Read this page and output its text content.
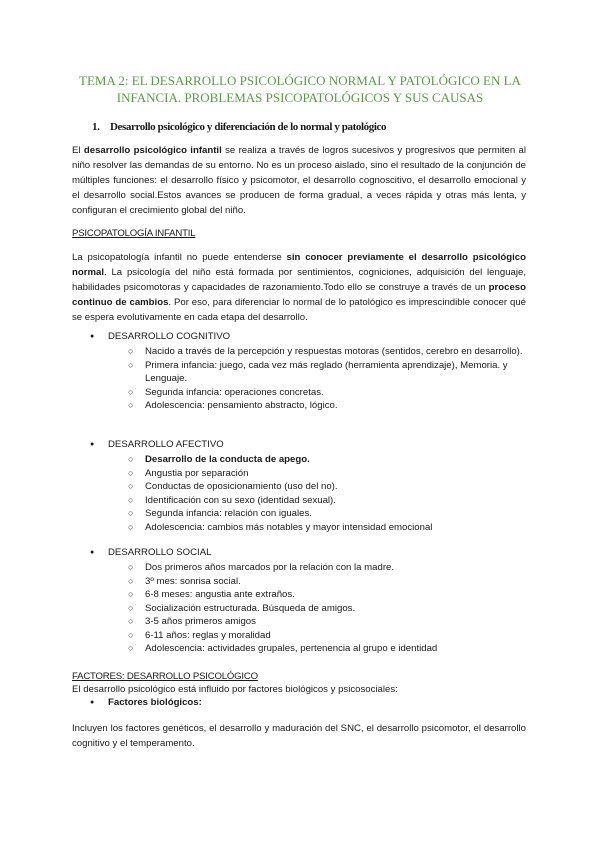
TEMA 2: EL DESARROLLO PSICOLÓGICO NORMAL Y PATOLÓGICO EN LA
INFANCIA. PROBLEMAS PSICOPATOLÓGICOS Y SUS CAUSAS
1. Desarrollo psicológico y diferenciación de lo normal y patológico
El desarrollo psicológico infantil se realiza a través de logros sucesivos y progresivos que permiten al niño resolver las demandas de su entorno. No es un proceso aislado, sino el resultado de la conjunción de múltiples funciones: el desarrollo físico y psicomotor, el desarrollo cognoscitivo, el desarrollo emocional y el desarrollo social.Estos avances se producen de forma gradual, a veces rápida y otras más lenta, y configuran el crecimiento global del niño.
PSICOPATOLOGÍA INFANTIL
La psicopatología infantil no puede entenderse sin conocer previamente el desarrollo psicológico normal. La psicología del niño está formada por sentimientos, cogniciones, adquisición del lenguaje, habilidades psicomotoras y capacidades de razonamiento.Todo ello se construye a través de un proceso continuo de cambios. Por eso, para diferenciar lo normal de lo patológico es imprescindible conocer qué se espera evolutivamente en cada etapa del desarrollo.
● DESARROLLO COGNITIVO
○ Nacido a través de la percepción y respuestas motoras (sentidos, cerebro en desarrollo).
○ Primera infancia: juego, cada vez más reglado (herramienta aprendizaje), Memoria. y Lenguaje.
○ Segunda infancia: operaciones concretas.
○ Adolescencia: pensamiento abstracto, lógico.
● DESARROLLO AFECTIVO
○ Desarrollo de la conducta de apego.
○ Angustia por separación
○ Conductas de oposicionamiento (uso del no).
○ Identificación con su sexo (identidad sexual).
○ Segunda infancia: relación con iguales.
○ Adolescencia: cambios más notables y mayor intensidad emocional
● DESARROLLO SOCIAL
○ Dos primeros años marcados por la relación con la madre.
○ 3º mes: sonrisa social.
○ 6-8 meses: angustia ante extraños.
○ Socialización estructurada. Búsqueda de amigos.
○ 3-5 años primeros amigos
○ 6-11 años: reglas y moralidad
○ Adolescencia: actividades grupales, pertenencia al grupo e identidad
FACTORES: DESARROLLO PSICOLÓGICO
El desarrollo psicológico está influido por factores biológicos y psicosociales:
● Factores biológicos:
Incluyen los factores genéticos, el desarrollo y maduración del SNC, el desarrollo psicomotor, el desarrollo cognitivo y el temperamento.
